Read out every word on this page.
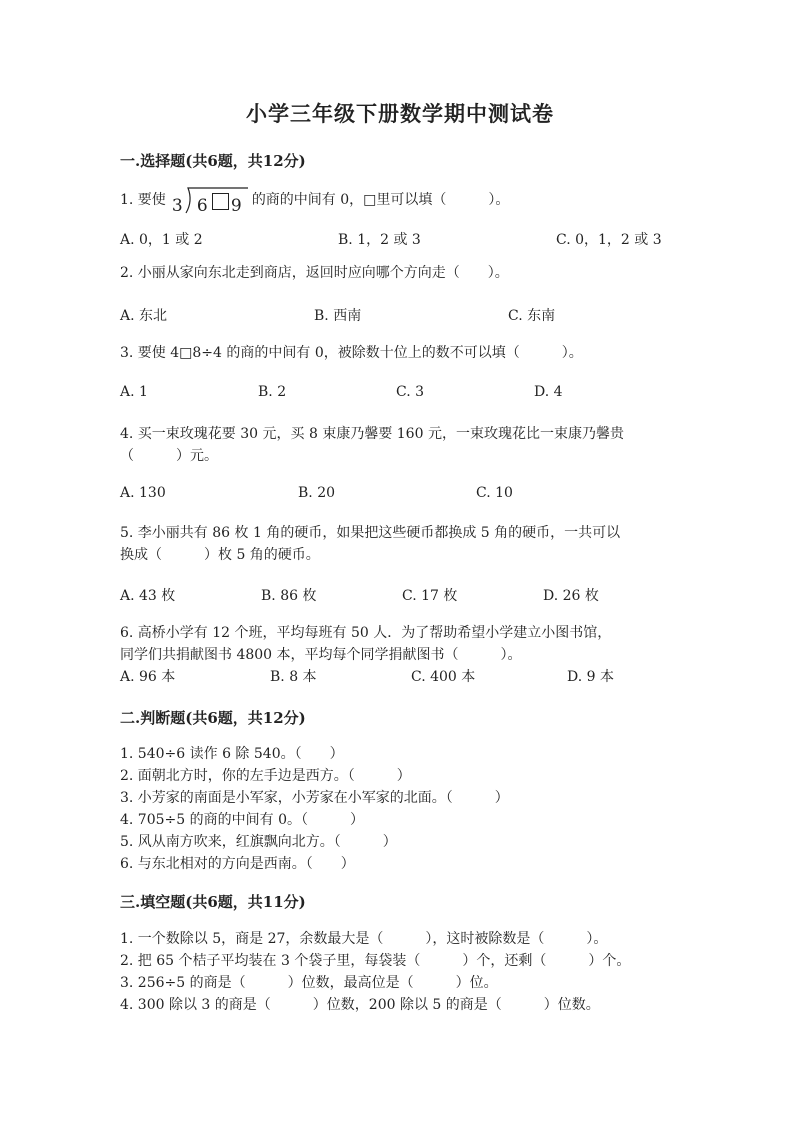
小学三年级下册数学期中测试卷
一.选择题(共6题，共12分)
1. 要使 3 6 9 的商的中间有 0，□里可以填（　　　）。
A. 0，1 或 2	B. 1，2 或 3	C. 0，1，2 或 3
2. 小丽从家向东北走到商店，返回时应向哪个方向走（　　）。
A. 东北	B. 西南	C. 东南
3. 要使 4□8÷4 的商的中间有 0，被除数十位上的数不可以填（　　　）。
A. 1	B. 2	C. 3	D. 4
4. 买一束玫瑰花要 30 元，买 8 束康乃馨要 160 元，一束玫瑰花比一束康乃馨贵
（　　　）元。
A. 130	B. 20	C. 10
5. 李小丽共有 86 枚 1 角的硬币，如果把这些硬币都换成 5 角的硬币，一共可以
换成（　　　）枚 5 角的硬币。
A. 43 枚	B. 86 枚	C. 17 枚	D. 26 枚
6. 高桥小学有 12 个班，平均每班有 50 人．为了帮助希望小学建立小图书馆，
同学们共捐献图书 4800 本，平均每个同学捐献图书（　　　）。
A. 96 本	B. 8 本	C. 400 本	D. 9 本
二.判断题(共6题，共12分)
1. 540÷6 读作 6 除 540。（　　）
2. 面朝北方时，你的左手边是西方。（　　　）
3. 小芳家的南面是小军家，小芳家在小军家的北面。（　　　）
4. 705÷5 的商的中间有 0。（　　　）
5. 风从南方吹来，红旗飘向北方。（　　　）
6. 与东北相对的方向是西南。（　　）
三.填空题(共6题，共11分)
1. 一个数除以 5，商是 27，余数最大是（　　　），这时被除数是（　　　）。
2. 把 65 个桔子平均装在 3 个袋子里，每袋装（　　　）个，还剩（　　　）个。
3. 256÷5 的商是（　　　）位数，最高位是（　　　）位。
4. 300 除以 3 的商是（　　　）位数，200 除以 5 的商是（　　　）位数。
